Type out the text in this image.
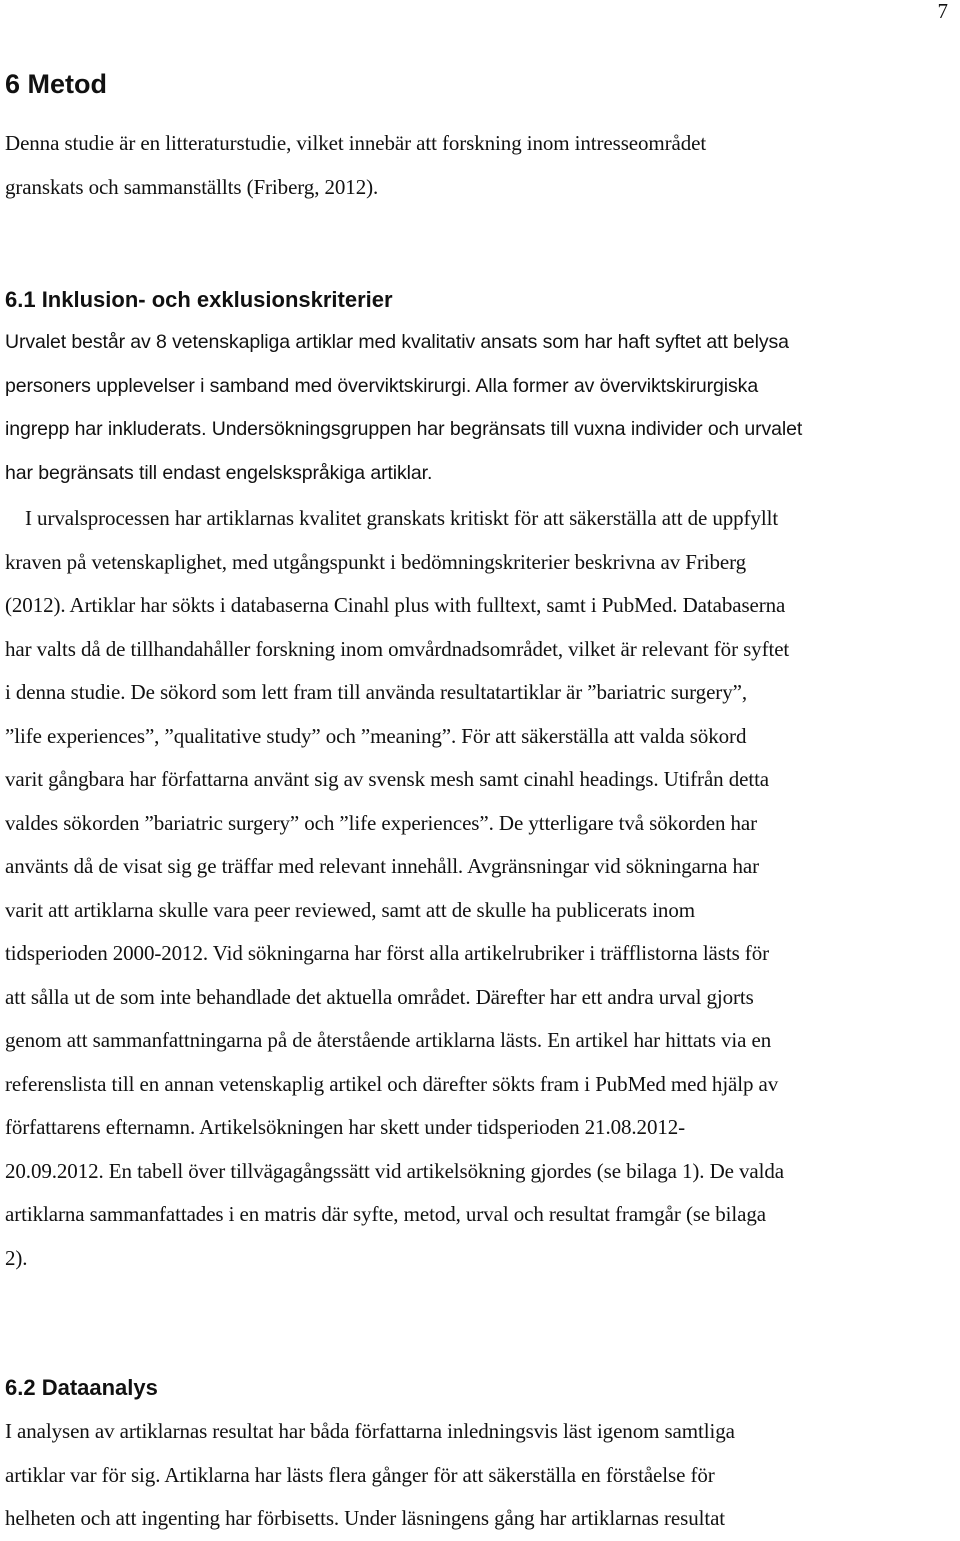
7
6 Metod
Denna studie är en litteraturstudie, vilket innebär att forskning inom intresseområdet
granskats och sammanställts (Friberg, 2012).
6.1 Inklusion- och exklusionskriterier
Urvalet består av 8 vetenskapliga artiklar med kvalitativ ansats som har haft syftet att belysa
personers upplevelser i samband med överviktskirurgi. Alla former av överviktskirurgiska
ingrepp har inkluderats. Undersökningsgruppen har begränsats till vuxna individer och urvalet
har begränsats till endast engelskspråkiga artiklar.
I urvalsprocessen har artiklarnas kvalitet granskats kritiskt för att säkerställa att de uppfyllt
kraven på vetenskaplighet, med utgångspunkt i bedömningskriterier beskrivna av Friberg
(2012). Artiklar har sökts i databaserna Cinahl plus with fulltext, samt i PubMed. Databaserna
har valts då de tillhandahåller forskning inom omvårdnadsområdet, vilket är relevant för syftet
i denna studie. De sökord som lett fram till använda resultatartiklar är ”bariatric surgery”,
”life experiences”, ”qualitative study” och ”meaning”. För att säkerställa att valda sökord
varit gångbara har författarna använt sig av svensk mesh samt cinahl headings. Utifrån detta
valdes sökorden ”bariatric surgery” och ”life experiences”. De ytterligare två sökorden har
använts då de visat sig ge träffar med relevant innehåll. Avgränsningar vid sökningarna har
varit att artiklarna skulle vara peer reviewed, samt att de skulle ha publicerats inom
tidsperioden 2000-2012. Vid sökningarna har först alla artikelrubriker i träfflistorna lästs för
att sålla ut de som inte behandlade det aktuella området. Därefter har ett andra urval gjorts
genom att sammanfattningarna på de återstående artiklarna lästs. En artikel har hittats via en
referenslista till en annan vetenskaplig artikel och därefter sökts fram i PubMed med hjälp av
författarens efternamn. Artikelsökningen har skett under tidsperioden 21.08.2012-
20.09.2012. En tabell över tillvägagångssätt vid artikelsökning gjordes (se bilaga 1). De valda
artiklarna sammanfattades i en matris där syfte, metod, urval och resultat framgår (se bilaga
2).
6.2 Dataanalys
I analysen av artiklarnas resultat har båda författarna inledningsvis läst igenom samtliga
artiklar var för sig. Artiklarna har lästs flera gånger för att säkerställa en förståelse för
helheten och att ingenting har förbisetts. Under läsningens gång har artiklarnas resultat
